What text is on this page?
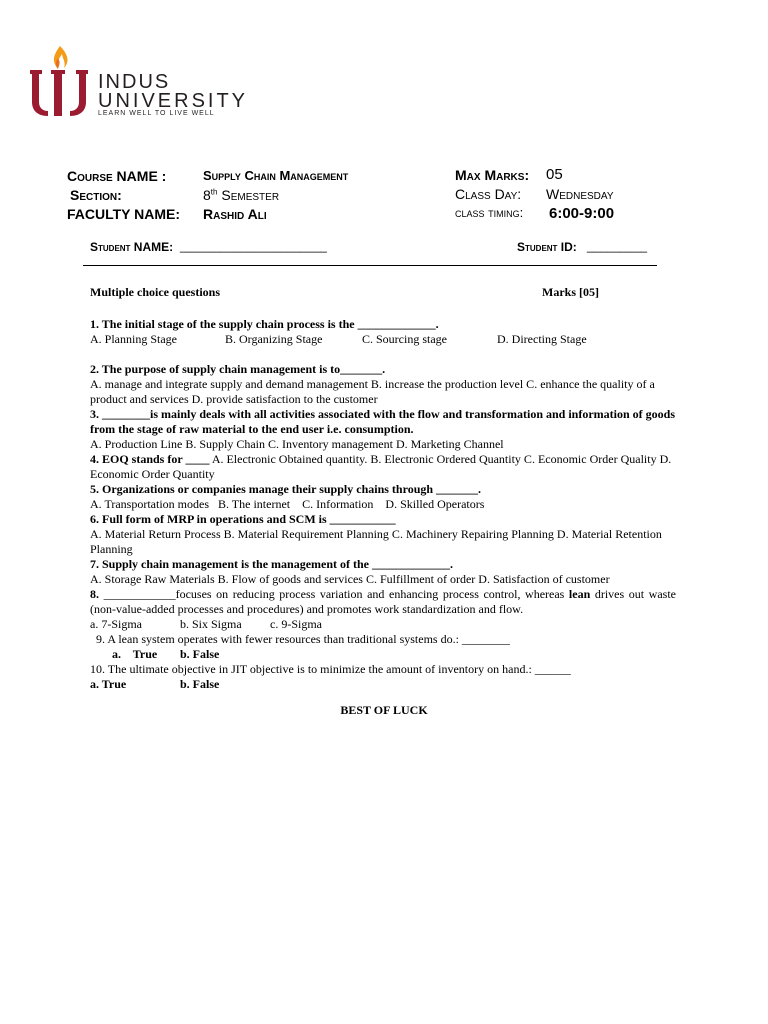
INDUS
UNIVERSITY
LEARN WELL TO LIVE WELL
Course NAME :	Supply Chain Management
Section:	8th Semester
FACULTY NAME: Rashid Ali
Max Marks: 05
Class Day: Wednesday
class timing: 6:00-9:00
Student NAME: ______________________	Student ID: _________
Multiple choice questions	Marks [05]

1. The initial stage of the supply chain process is the _____________.

A. Planning Stage	B. Organizing Stage	C. Sourcing stage	D. Directing Stage

2. The purpose of supply chain management is to_______.

A. manage and integrate supply and demand management B. increase the production level C. enhance the quality of a product and services D. provide satisfaction to the customer

3. ________is mainly deals with all activities associated with the flow and transformation and information of goods from the stage of raw material to the end user i.e. consumption.

A. Production Line B. Supply Chain C. Inventory management D. Marketing Channel

4. EOQ stands for ____ A. Electronic Obtained quantity. B. Electronic Ordered Quantity C. Economic Order Quality D. Economic Order Quantity

5. Organizations or companies manage their supply chains through _______.

A. Transportation modes   B. The internet    C. Information    D. Skilled Operators

6. Full form of MRP in operations and SCM is ___________

A. Material Return Process B. Material Requirement Planning C. Machinery Repairing Planning D. Material Retention Planning

7. Supply chain management is the management of the _____________.

A. Storage Raw Materials B. Flow of goods and services C. Fulfillment of order D. Satisfaction of customer

8. ____________focuses on reducing process variation and enhancing process control, whereas lean drives out waste (non-value-added processes and procedures) and promotes work standardization and flow.

a. 7-Sigma	b. Six Sigma c. 9-Sigma

9. A lean system operates with fewer resources than traditional systems do.: ________

a.    True b. False

10. The ultimate objective in JIT objective is to minimize the amount of inventory on hand.: ______

a. True	b. False

BEST OF LUCK
